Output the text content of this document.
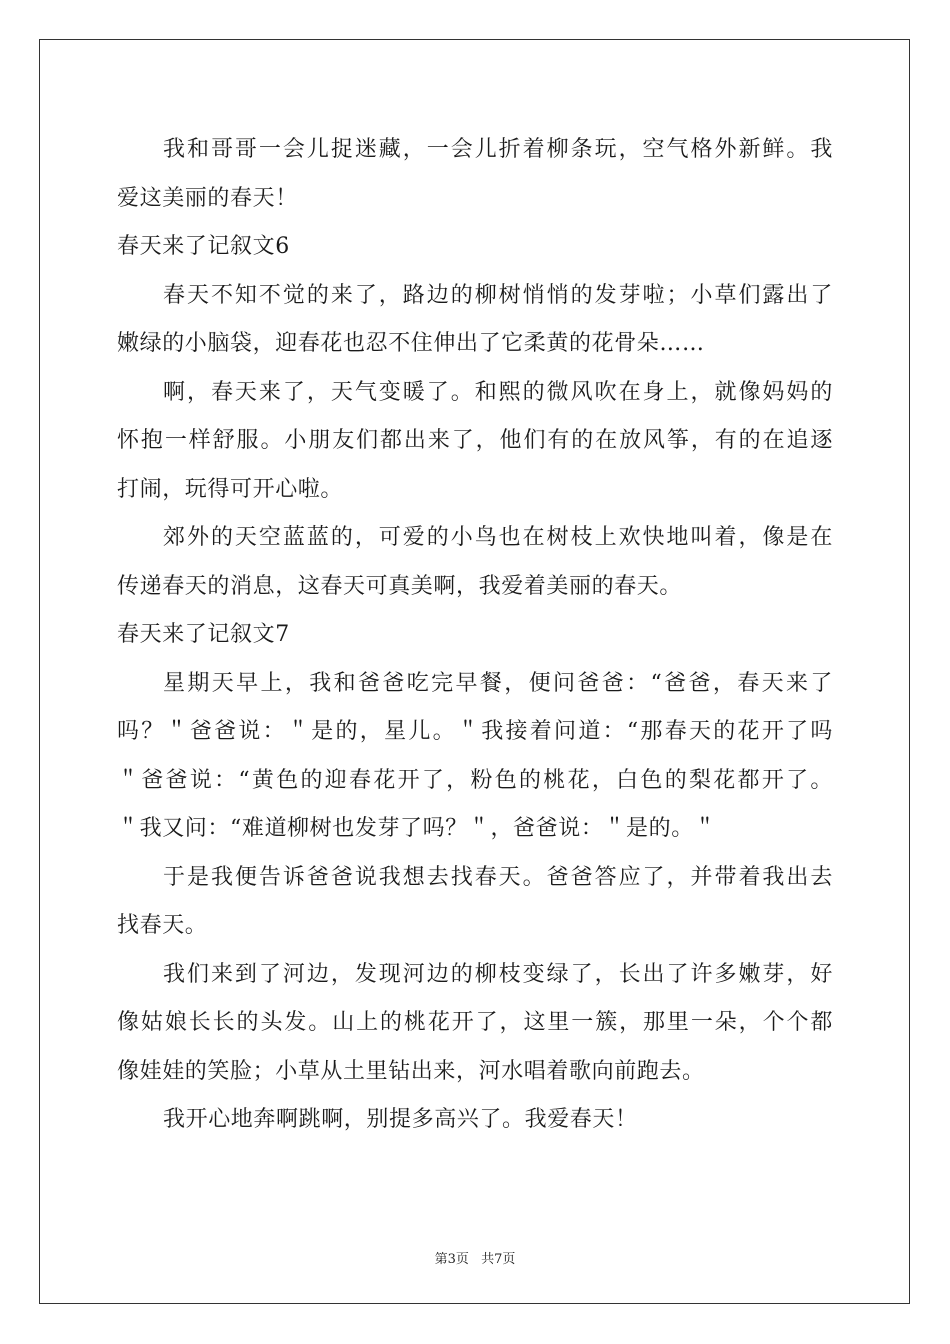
我和哥哥一会儿捉迷藏，一会儿折着柳条玩，空气格外新鲜。我
爱这美丽的春天！
春天来了记叙文6
春天不知不觉的来了，路边的柳树悄悄的发芽啦；小草们露出了
嫩绿的小脑袋，迎春花也忍不住伸出了它柔黄的花骨朵……
啊，春天来了，天气变暖了。和熙的微风吹在身上，就像妈妈的
怀抱一样舒服。小朋友们都出来了，他们有的在放风筝，有的在追逐
打闹，玩得可开心啦。
郊外的天空蓝蓝的，可爱的小鸟也在树枝上欢快地叫着，像是在
传递春天的消息，这春天可真美啊，我爱着美丽的春天。
春天来了记叙文7
星期天早上，我和爸爸吃完早餐，便问爸爸：“爸爸，春天来了
吗？＂爸爸说：＂是的，星儿。＂我接着问道：“那春天的花开了吗
＂爸爸说：“黄色的迎春花开了，粉色的桃花，白色的梨花都开了。
＂我又问：“难道柳树也发芽了吗？＂，爸爸说：＂是的。＂
于是我便告诉爸爸说我想去找春天。爸爸答应了，并带着我出去
找春天。
我们来到了河边，发现河边的柳枝变绿了，长出了许多嫩芽，好
像姑娘长长的头发。山上的桃花开了，这里一簇，那里一朵，个个都
像娃娃的笑脸；小草从土里钻出来，河水唱着歌向前跑去。
我开心地奔啊跳啊，别提多高兴了。我爱春天！
第3页 共7页
